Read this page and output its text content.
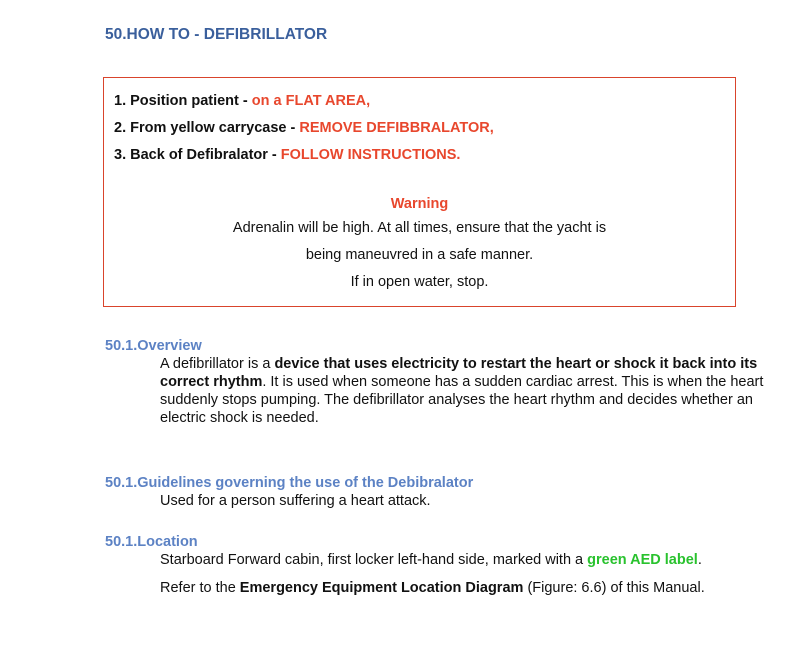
50.HOW TO - DEFIBRILLATOR
1. Position patient - on a FLAT AREA,
2. From yellow carrycase - REMOVE DEFIBBRALATOR,
3. Back of Defibralator - FOLLOW INSTRUCTIONS.
Warning
Adrenalin will be high. At all times, ensure that the yacht is
being maneuvred in a safe manner.
If in open water, stop.
50.1.Overview

A defibrillator is a device that uses electricity to restart the heart or shock it back into its correct rhythm. It is used when someone has a sudden cardiac arrest. This is when the heart suddenly stops pumping. The defibrillator analyses the heart rhythm and decides whether an electric shock is needed.

50.1.Guidelines governing the use of the Debibralator

Used for a person suffering a heart attack.

50.1.Location

Starboard Forward cabin, first locker left-hand side, marked with a green AED label.

Refer to the Emergency Equipment Location Diagram (Figure: 6.6) of this Manual.
